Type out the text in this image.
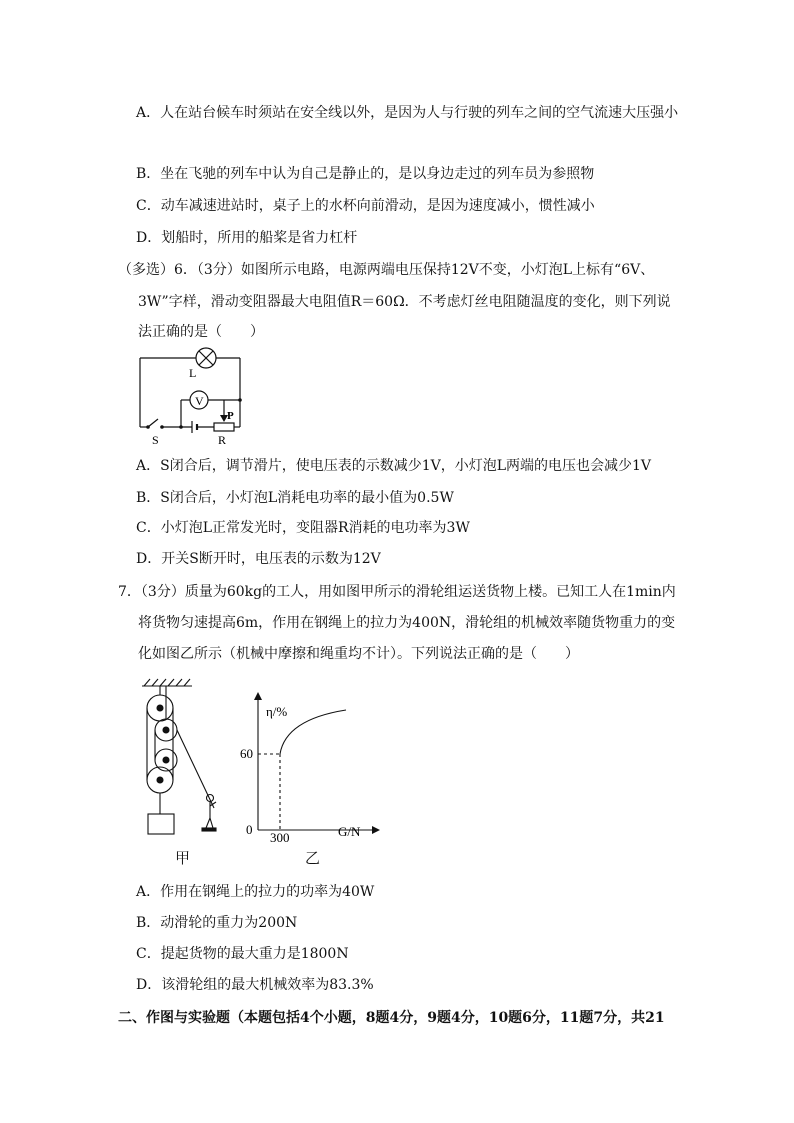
A．人在站台候车时须站在安全线以外，是因为人与行驶的列车之间的空气流速大压强小
B．坐在飞驰的列车中认为自己是静止的，是以身边走过的列车员为参照物
C．动车减速进站时，桌子上的水杯向前滑动，是因为速度减小，惯性减小
D．划船时，所用的船桨是省力杠杆
（多选）6．（3分）如图所示电路，电源两端电压保持12V不变，小灯泡L上标有“6V、
3W”字样，滑动变阻器最大电阻值R＝60Ω．不考虑灯丝电阻随温度的变化，则下列说
法正确的是（　　）
L
V
P
S	R
A．S闭合后，调节滑片，使电压表的示数减少1V，小灯泡L两端的电压也会减少1V
B．S闭合后，小灯泡L消耗电功率的最小值为0.5W
C．小灯泡L正常发光时，变阻器R消耗的电功率为3W
D．开关S断开时，电压表的示数为12V
7．（3分）质量为60kg的工人，用如图甲所示的滑轮组运送货物上楼。已知工人在1min内
将货物匀速提高6m，作用在钢绳上的拉力为400N，滑轮组的机械效率随货物重力的变
化如图乙所示（机械中摩擦和绳重均不计）。下列说法正确的是（　　）
甲
η/%
G/N
60
0
300
乙
A．作用在钢绳上的拉力的功率为40W
B．动滑轮的重力为200N
C．提起货物的最大重力是1800N
D．该滑轮组的最大机械效率为83.3%
二、作图与实验题（本题包括4个小题，8题4分，9题4分，10题6分，11题7分，共21
